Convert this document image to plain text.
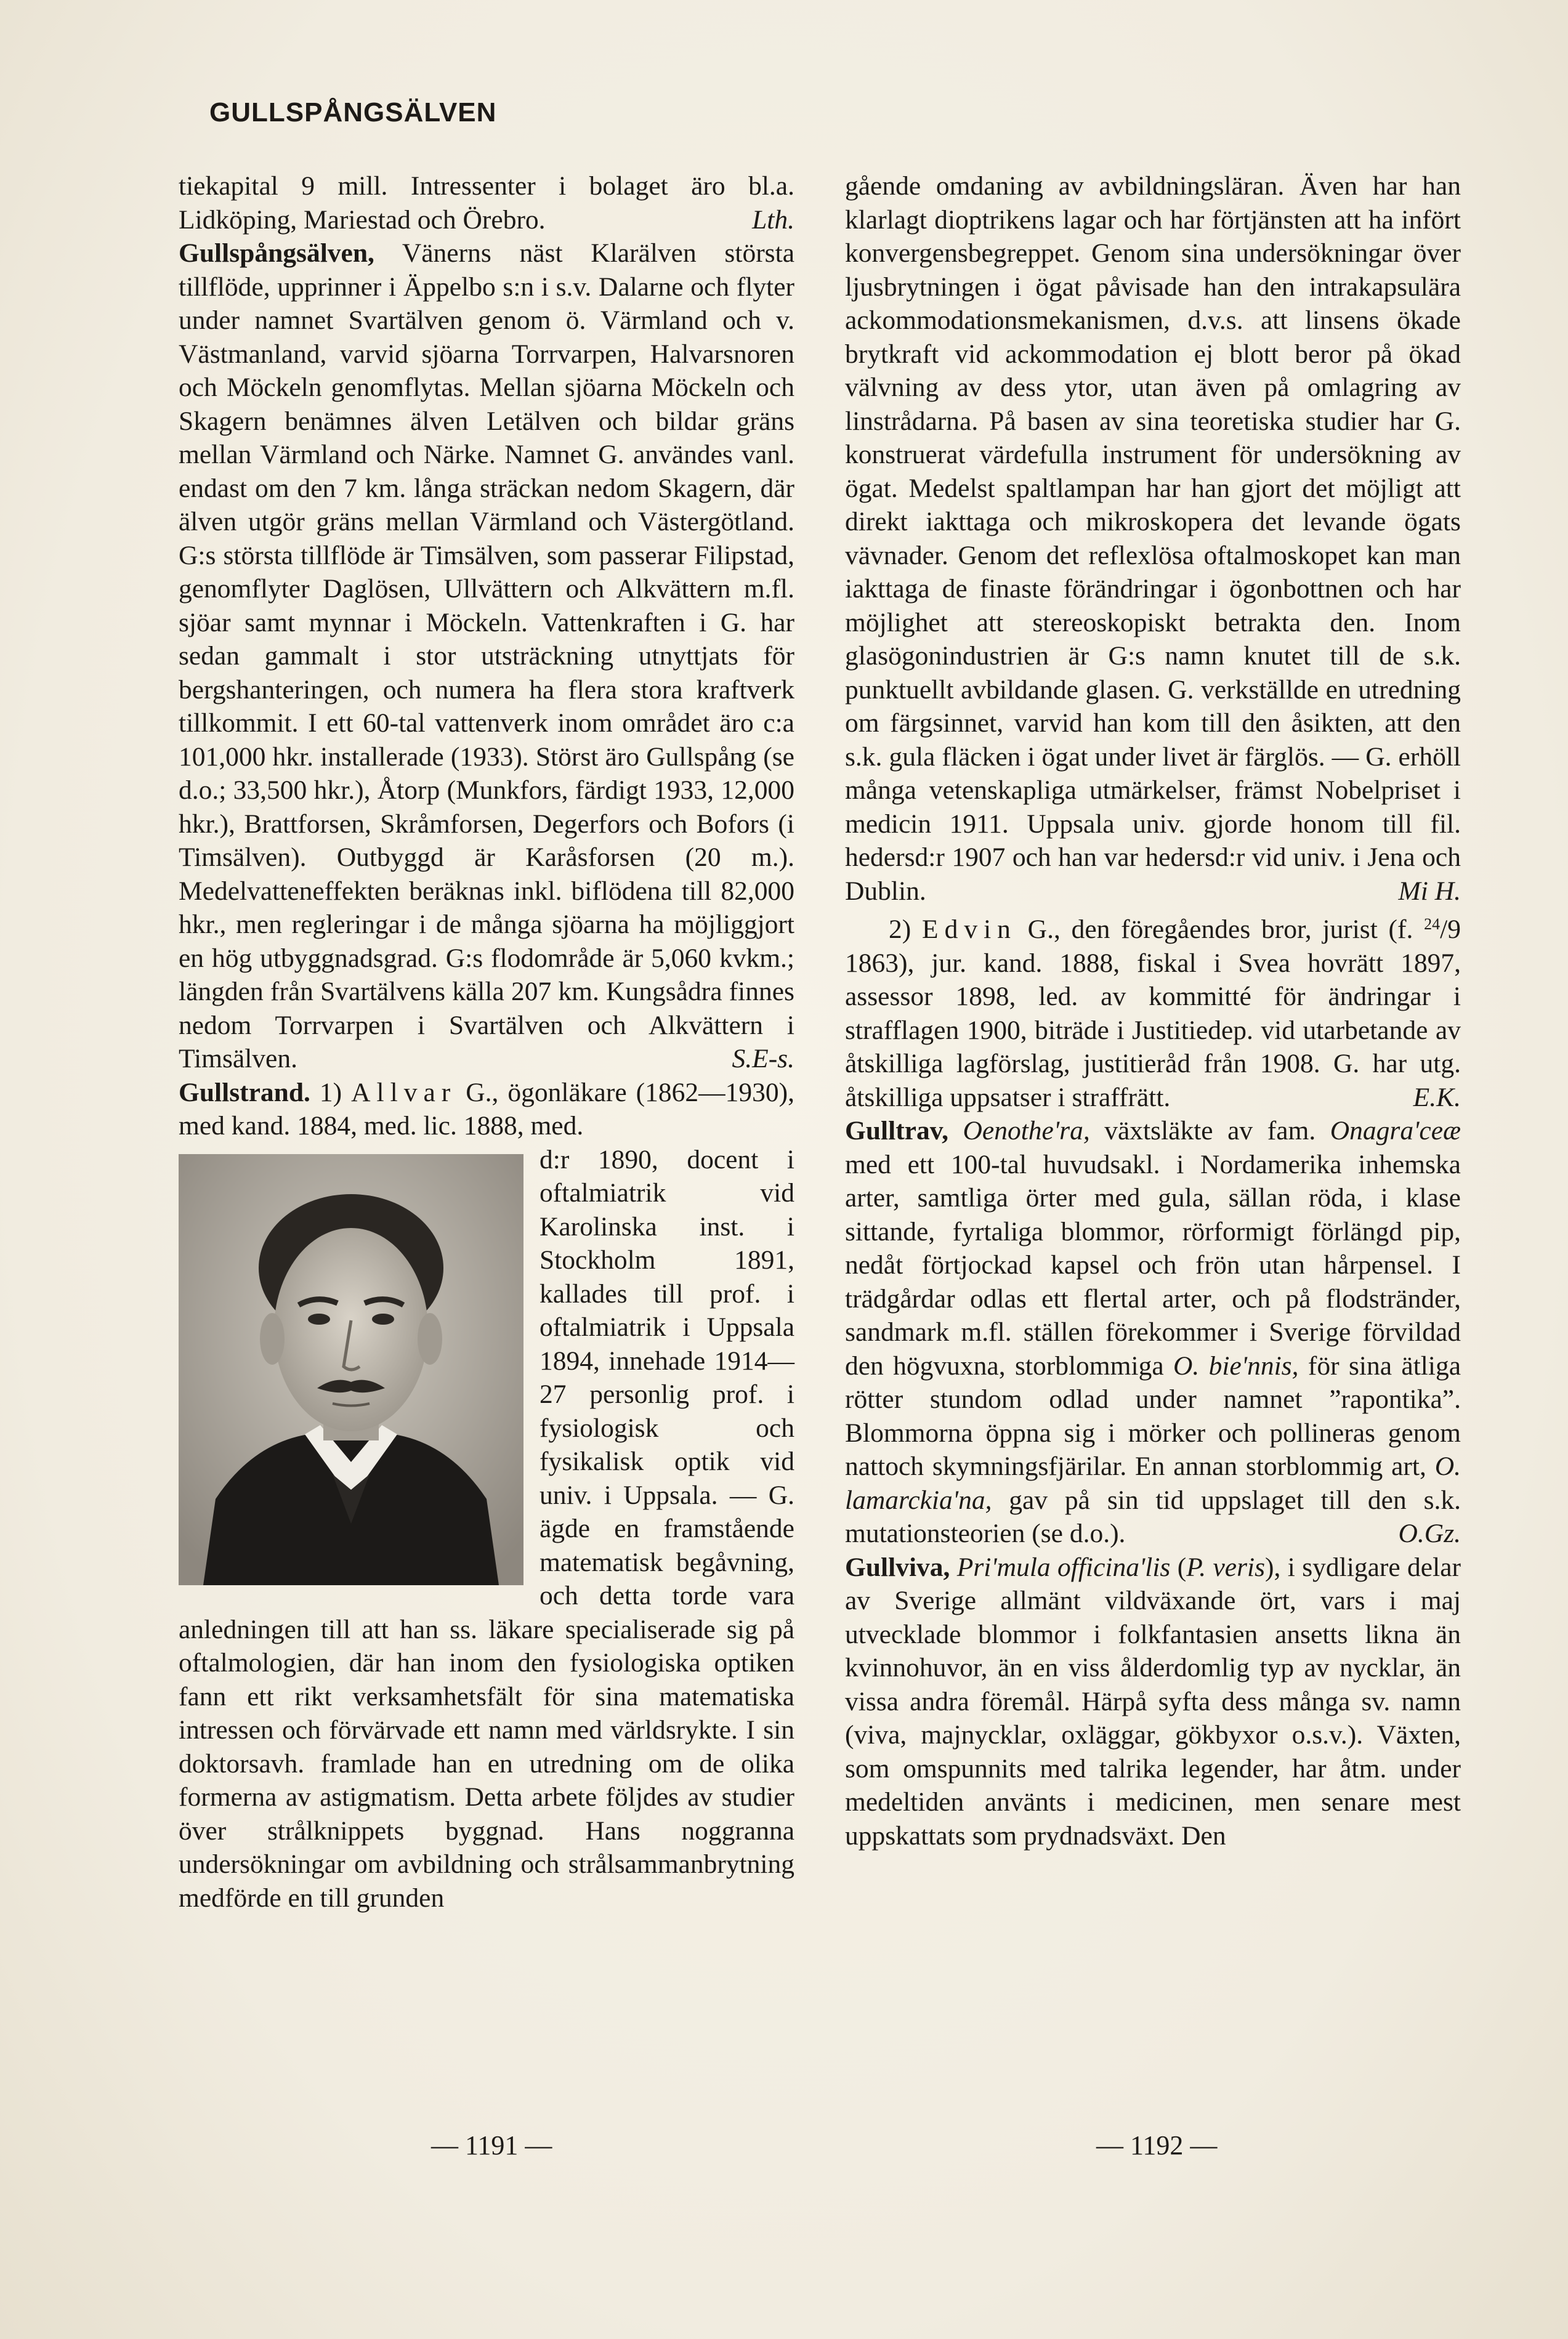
GULLSPÅNGSÄLVEN

tiekapital 9 mill. Intressenter i bolaget äro bl.a. Lidköping, Mariestad och Örebro.	Lth.

Gullspångsälven, Vänerns näst Klarälven största tillflöde, upprinner i Äppelbo s:n i s.v. Dalarne och flyter under namnet Svartälven genom ö. Värmland och v. Västmanland, varvid sjöarna Torrvarpen, Halvarsnoren och Möckeln genomflytas. Mellan sjöarna Möckeln och Skagern benämnes älven Letälven och bildar gräns mellan Värmland och Närke. Namnet G. användes vanl. endast om den 7 km. långa sträckan nedom Skagern, där älven utgör gräns mellan Värmland och Västergötland. G:s största tillflöde är Timsälven, som passerar Filipstad, genomflyter Daglösen, Ullvättern och Alkvättern m.fl. sjöar samt mynnar i Möckeln. Vattenkraften i G. har sedan gammalt i stor utsträckning utnyttjats för bergshanteringen, och numera ha flera stora kraftverk tillkommit. I ett 60-tal vattenverk inom området äro c:a 101,000 hkr. installerade (1933). Störst äro Gullspång (se d.o.; 33,500 hkr.), Åtorp (Munkfors, färdigt 1933, 12,000 hkr.), Brattforsen, Skråmforsen, Degerfors och Bofors (i Timsälven). Outbyggd är Karåsforsen (20 m.). Medelvatteneffekten beräknas inkl. biflödena till 82,000 hkr., men regleringar i de många sjöarna ha möjliggjort en hög utbyggnadsgrad. G:s flodområde är 5,060 kvkm.; längden från Svartälvens källa 207 km. Kungsådra finnes nedom Torrvarpen i Svartälven och Alkvättern i Timsälven.	S.E-s.

Gullstrand. 1) Allvar G., ögonläkare (1862—1930), med kand. 1884, med. lic. 1888, med.

d:r 1890, docent i oftalmiatrik vid Karolinska inst. i Stockholm 1891, kallades till prof. i oftalmiatrik i Uppsala 1894, innehade 1914—27 personlig prof. i fysiologisk och fysikalisk optik vid univ. i Uppsala. — G. ägde en framstående matematisk begåvning, och detta torde vara anledningen till att han ss. läkare specialiserade sig på oftalmologien, där han inom den fysiologiska optiken fann ett rikt verksamhetsfält för sina matematiska intressen och förvärvade ett namn med världsrykte. I sin doktorsavh. framlade han en utredning om de olika formerna av astigmatism. Detta arbete följdes av studier över strålknippets byggnad. Hans noggranna undersökningar om avbildning och strålsammanbrytning medförde en till grunden

gående omdaning av avbildningsläran. Även har han klarlagt dioptrikens lagar och har förtjänsten att ha infört konvergensbegreppet. Genom sina undersökningar över ljusbrytningen i ögat påvisade han den intrakapsulära ackommodationsmekanismen, d.v.s. att linsens ökade brytkraft vid ackommodation ej blott beror på ökad välvning av dess ytor, utan även på omlagring av linstrådarna. På basen av sina teoretiska studier har G. konstruerat värdefulla instrument för undersökning av ögat. Medelst spaltlampan har han gjort det möjligt att direkt iakttaga och mikroskopera det levande ögats vävnader. Genom det reflexlösa oftalmoskopet kan man iakttaga de finaste förändringar i ögonbottnen och har möjlighet att stereoskopiskt betrakta den. Inom glasögonindustrien är G:s namn knutet till de s.k. punktuellt avbildande glasen. G. verkställde en utredning om färgsinnet, varvid han kom till den åsikten, att den s.k. gula fläcken i ögat under livet är färglös. — G. erhöll många vetenskapliga utmärkelser, främst Nobelpriset i medicin 1911. Uppsala univ. gjorde honom till fil. hedersd:r 1907 och han var hedersd:r vid univ. i Jena och Dublin.	Mi H.

2) Edvin G., den föregåendes bror, jurist (f. $^{24}$/9 1863), jur. kand. 1888, fiskal i Svea hovrätt 1897, assessor 1898, led. av kommitté för ändringar i strafflagen 1900, biträde i Justitiedep. vid utarbetande av åtskilliga lagförslag, justitieråd från 1908. G. har utg. åtskilliga uppsatser i straffrätt.	E.K.

Gulltrav, Oenothe'ra, växtsläkte av fam. Onagra'ceæ med ett 100-tal huvudsakl. i Nordamerika inhemska arter, samtliga örter med gula, sällan röda, i klase sittande, fyrtaliga blommor, rörformigt förlängd pip, nedåt förtjockad kapsel och frön utan hårpensel. I trädgårdar odlas ett flertal arter, och på flodstränder, sandmark m.fl. ställen förekommer i Sverige förvildad den högvuxna, storblommiga O. bie'nnis, för sina ätliga rötter stundom odlad under namnet ”rapontika”. Blommorna öppna sig i mörker och pollineras genom nattoch skymningsfjärilar. En annan storblommig art, O. lamarckia'na, gav på sin tid uppslaget till den s.k. mutationsteorien (se d.o.).	O.Gz.

Gullviva, Pri'mula officina'lis (P. veris), i sydligare delar av Sverige allmänt vildväxande ört, vars i maj utvecklade blommor i folkfantasien ansetts likna än kvinnohuvor, än en viss ålderdomlig typ av nycklar, än vissa andra föremål. Härpå syfta dess många sv. namn (viva, majnycklar, oxläggar, gökbyxor o.s.v.). Växten, som omspunnits med talrika legender, har åtm. under medeltiden använts i medicinen, men senare mest uppskattats som prydnadsväxt. Den

— 1191 —	— 1192 —
